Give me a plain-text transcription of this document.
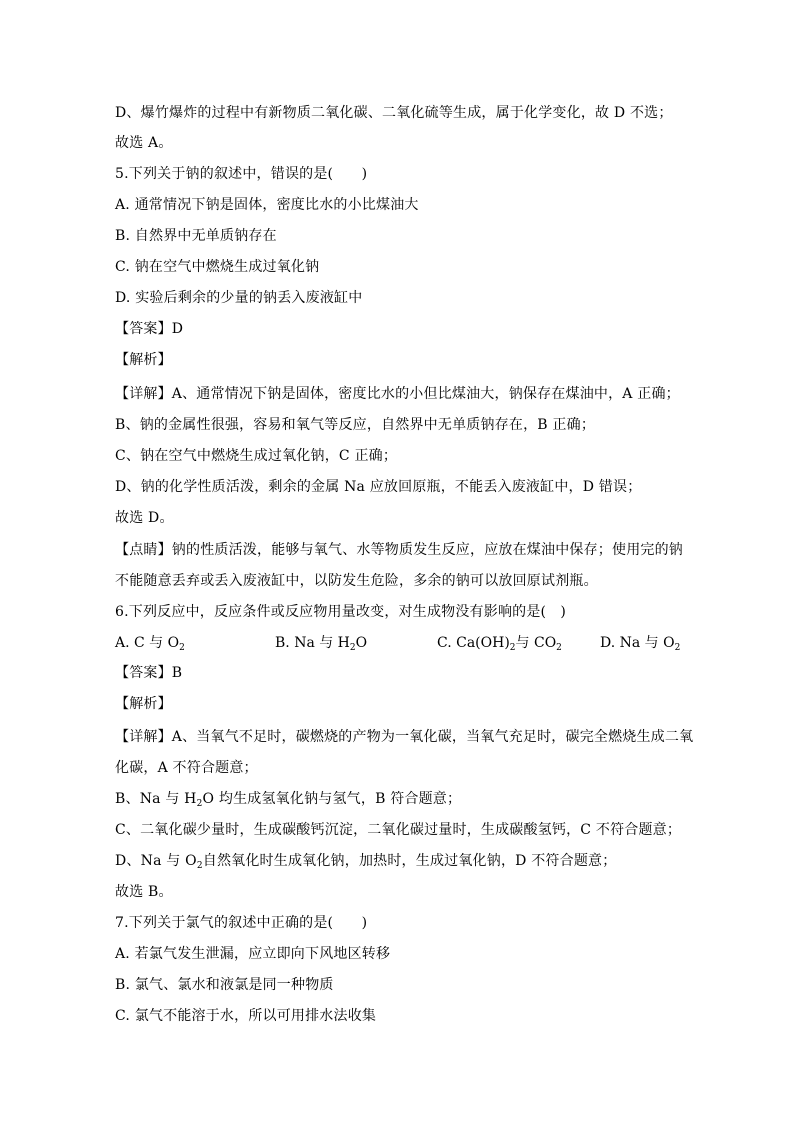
D、爆竹爆炸的过程中有新物质二氧化碳、二氧化硫等生成，属于化学变化，故 D 不选；
故选 A。
5.下列关于钠的叙述中，错误的是(　　)
A. 通常情况下钠是固体，密度比水的小比煤油大
B. 自然界中无单质钠存在
C. 钠在空气中燃烧生成过氧化钠
D. 实验后剩余的少量的钠丢入废液缸中
【答案】D
【解析】
【详解】A、通常情况下钠是固体，密度比水的小但比煤油大，钠保存在煤油中，A 正确；
B、钠的金属性很强，容易和氧气等反应，自然界中无单质钠存在，B 正确；
C、钠在空气中燃烧生成过氧化钠，C 正确；
D、钠的化学性质活泼，剩余的金属 Na 应放回原瓶，不能丢入废液缸中，D 错误；
故选 D。
【点睛】钠的性质活泼，能够与氧气、水等物质发生反应，应放在煤油中保存；使用完的钠
不能随意丢弃或丢入废液缸中，以防发生危险，多余的钠可以放回原试剂瓶。
6.下列反应中，反应条件或反应物用量改变，对生成物没有影响的是(　)
A. C 与 $O_2$	B. Na 与 $H_2O$	C. $Ca(OH)_2$与 $CO_2$	D. Na 与 $O_2$
【答案】B
【解析】
【详解】A、当氧气不足时，碳燃烧的产物为一氧化碳，当氧气充足时，碳完全燃烧生成二氧
化碳，A 不符合题意；
B、Na 与 $H_2O$ 均生成氢氧化钠与氢气，B 符合题意；
C、二氧化碳少量时，生成碳酸钙沉淀，二氧化碳过量时，生成碳酸氢钙，C 不符合题意；
D、Na 与 $O_2$自然氧化时生成氧化钠，加热时，生成过氧化钠，D 不符合题意；
故选 B。
7.下列关于氯气的叙述中正确的是(　　)
A. 若氯气发生泄漏，应立即向下风地区转移
B. 氯气、氯水和液氯是同一种物质
C. 氯气不能溶于水，所以可用排水法收集
